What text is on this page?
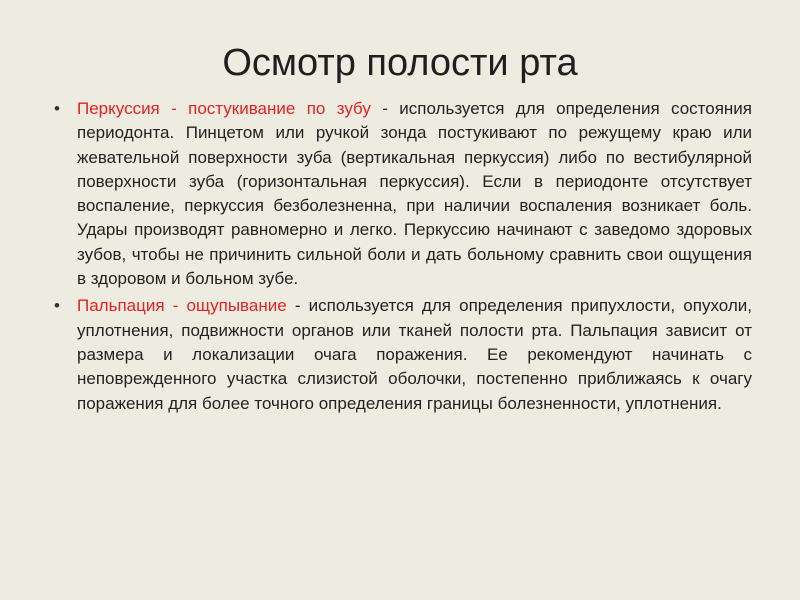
Осмотр полости рта
• Перкуссия - постукивание по зубу - используется для определения состояния периодонта. Пинцетом или ручкой зонда постукивают по режущему краю или жевательной поверхности зуба (вертикальная перкуссия) либо по вестибулярной поверхности зуба (горизонтальная перкуссия). Если в периодонте отсутствует воспаление, перкуссия безболезненна, при наличии воспаления возникает боль. Удары производят равномерно и легко. Перкуссию начинают с заведомо здоровых зубов, чтобы не причинить сильной боли и дать больному сравнить свои ощущения в здоровом и больном зубе.
• Пальпация - ощупывание - используется для определения припухлости, опухоли, уплотнения, подвижности органов или тканей полости рта. Пальпация зависит от размера и локализации очага поражения. Ее рекомендуют начинать с неповрежденного участка слизистой оболочки, постепенно приближаясь к очагу поражения для более точного определения границы болезненности, уплотнения.
